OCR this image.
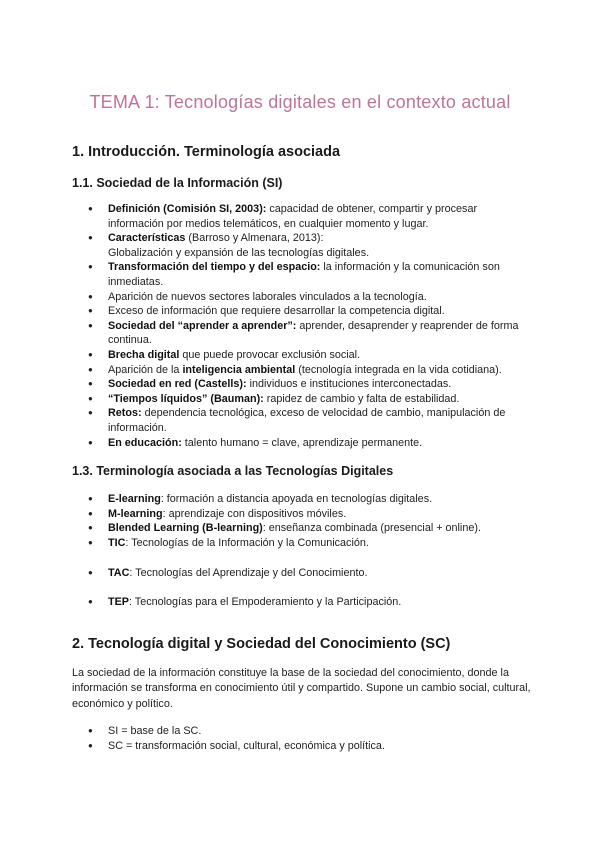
TEMA 1: Tecnologías digitales en el contexto actual
1. Introducción. Terminología asociada
1.1. Sociedad de la Información (SI)
● Definición (Comisión SI, 2003): capacidad de obtener, compartir y procesar información por medios telemáticos, en cualquier momento y lugar.
● Características (Barroso y Almenara, 2013):
Globalización y expansión de las tecnologías digitales.
● Transformación del tiempo y del espacio: la información y la comunicación son inmediatas.
● Aparición de nuevos sectores laborales vinculados a la tecnología.
● Exceso de información que requiere desarrollar la competencia digital.
● Sociedad del “aprender a aprender”: aprender, desaprender y reaprender de forma continua.
● Brecha digital que puede provocar exclusión social.
● Aparición de la inteligencia ambiental (tecnología integrada en la vida cotidiana).
● Sociedad en red (Castells): individuos e instituciones interconectadas.
● “Tiempos líquidos” (Bauman): rapidez de cambio y falta de estabilidad.
● Retos: dependencia tecnológica, exceso de velocidad de cambio, manipulación de información.
● En educación: talento humano = clave, aprendizaje permanente.
1.3. Terminología asociada a las Tecnologías Digitales
● E-learning: formación a distancia apoyada en tecnologías digitales.
● M-learning: aprendizaje con dispositivos móviles.
● Blended Learning (B-learning): enseñanza combinada (presencial + online).
● TIC: Tecnologías de la Información y la Comunicación.
● TAC: Tecnologías del Aprendizaje y del Conocimiento.
● TEP: Tecnologías para el Empoderamiento y la Participación.
2. Tecnología digital y Sociedad del Conocimiento (SC)

La sociedad de la información constituye la base de la sociedad del conocimiento, donde la información se transforma en conocimiento útil y compartido. Supone un cambio social, cultural, económico y político.

● SI = base de la SC.
● SC = transformación social, cultural, económica y política.
